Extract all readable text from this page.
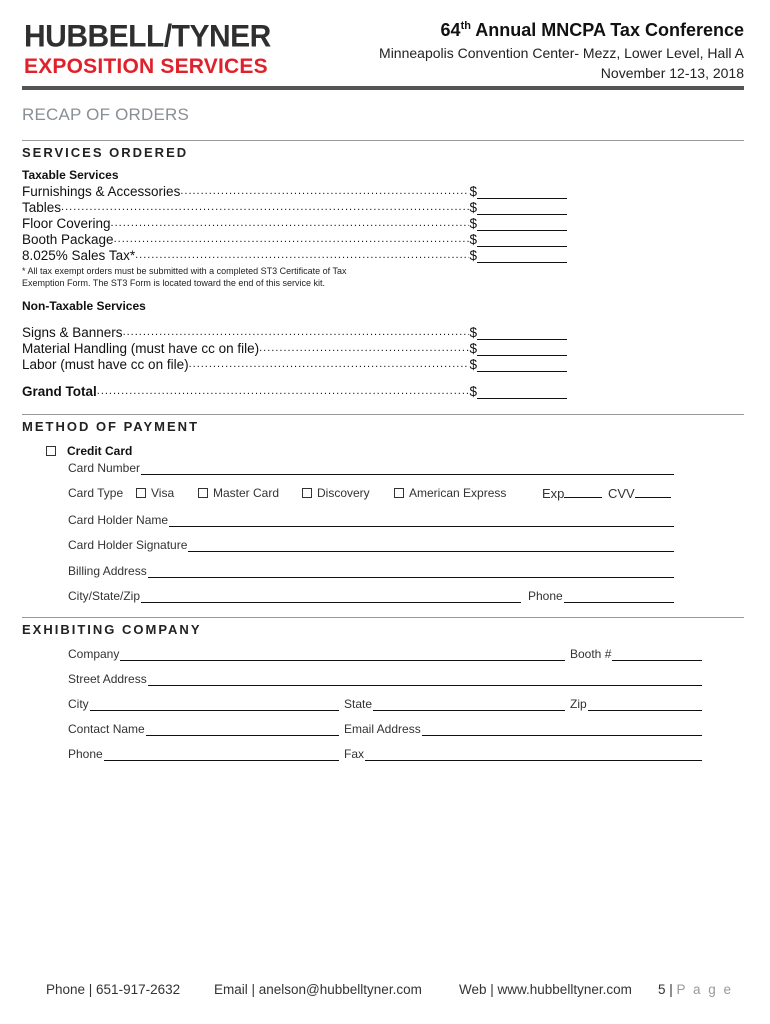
HUBBELL/TYNER
EXPOSITION SERVICES
64th Annual MNCPA Tax Conference
Minneapolis Convention Center- Mezz, Lower Level, Hall A
November 12-13, 2018
RECAP OF ORDERS
SERVICES ORDERED
Taxable Services
Furnishings & Accessories .....	$
Tables .....	$
Floor Covering .....	$
Booth Package .....	$
8.025% Sales Tax* .....	$
* All tax exempt orders must be submitted with a completed ST3 Certificate of Tax
Exemption Form. The ST3 Form is located toward the end of this service kit.
Non-Taxable Services
Signs & Banners .....	$
Material Handling (must have cc on file) .....	$
Labor (must have cc on file) .....	$
Grand Total .....	$
METHOD OF PAYMENT
Credit Card
Card Number
Card Type	Visa	Master Card	Discovery	American Express	Exp	CVV
Card Holder Name
Card Holder Signature
Billing Address
City/State/Zip	Phone
EXHIBITING COMPANY
Company	Booth #
Street Address
City	State	Zip
Contact Name	Email Address
Phone	Fax
Phone | 651-917-2632	Email | anelson@hubbelltyner.com	Web | www.hubbelltyner.com 5 | P a g e
